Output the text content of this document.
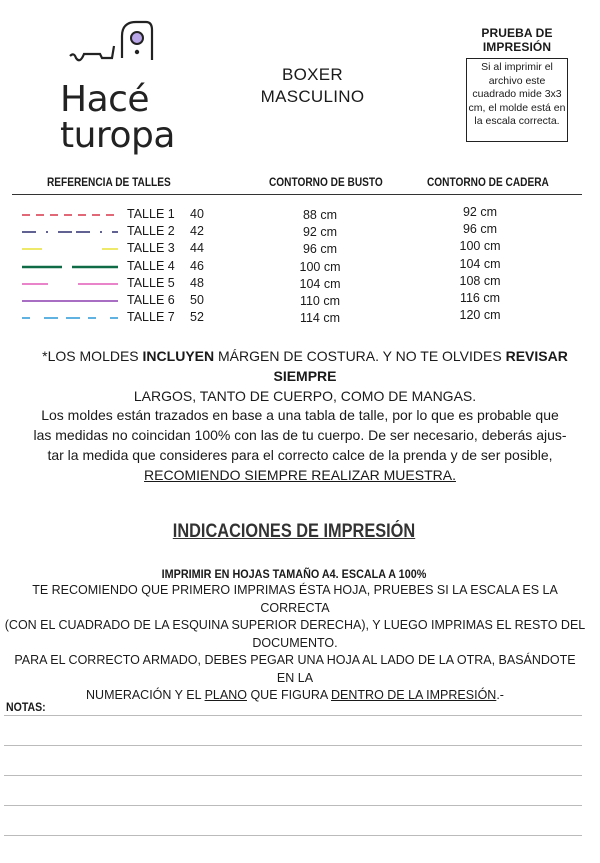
Hacé
turopa
BOXER
MASCULINO
PRUEBA DE IMPRESIÓN
Si al imprimir el archivo este cuadrado mide 3x3 cm, el molde está en la escala correcta.
REFERENCIA DE TALLES	CONTORNO DE BUSTO	CONTORNO DE CADERA
TALLE 1 40	88 cm	92 cm
TALLE 2 42	92 cm	96 cm
TALLE 3 44	96 cm	100 cm
TALLE 4 46	100 cm	104 cm
TALLE 5 48	104 cm	108 cm
TALLE 6 50	110 cm	116 cm
TALLE 7 52	114 cm	120 cm
*LOS MOLDES INCLUYEN MÁRGEN DE COSTURA. Y NO TE OLVIDES REVISAR SIEMPRE
LARGOS, TANTO DE CUERPO, COMO DE MANGAS.
Los moldes están trazados en base a una tabla de talle, por lo que es probable que
las medidas no coincidan 100% con las de tu cuerpo. De ser necesario, deberás ajus-
tar la medida que consideres para el correcto calce de la prenda y de ser posible,
RECOMIENDO SIEMPRE REALIZAR MUESTRA.
INDICACIONES DE IMPRESIÓN
IMPRIMIR EN HOJAS TAMAÑO A4. ESCALA A 100%
TE RECOMIENDO QUE PRIMERO IMPRIMAS ÉSTA HOJA, PRUEBES SI LA ESCALA ES LA CORRECTA
(CON EL CUADRADO DE LA ESQUINA SUPERIOR DERECHA), Y LUEGO IMPRIMAS EL RESTO DEL
DOCUMENTO.
PARA EL CORRECTO ARMADO, DEBES PEGAR UNA HOJA AL LADO DE LA OTRA, BASÁNDOTE EN LA
NUMERACIÓN Y EL PLANO QUE FIGURA DENTRO DE LA IMPRESIÓN.-
NOTAS:
